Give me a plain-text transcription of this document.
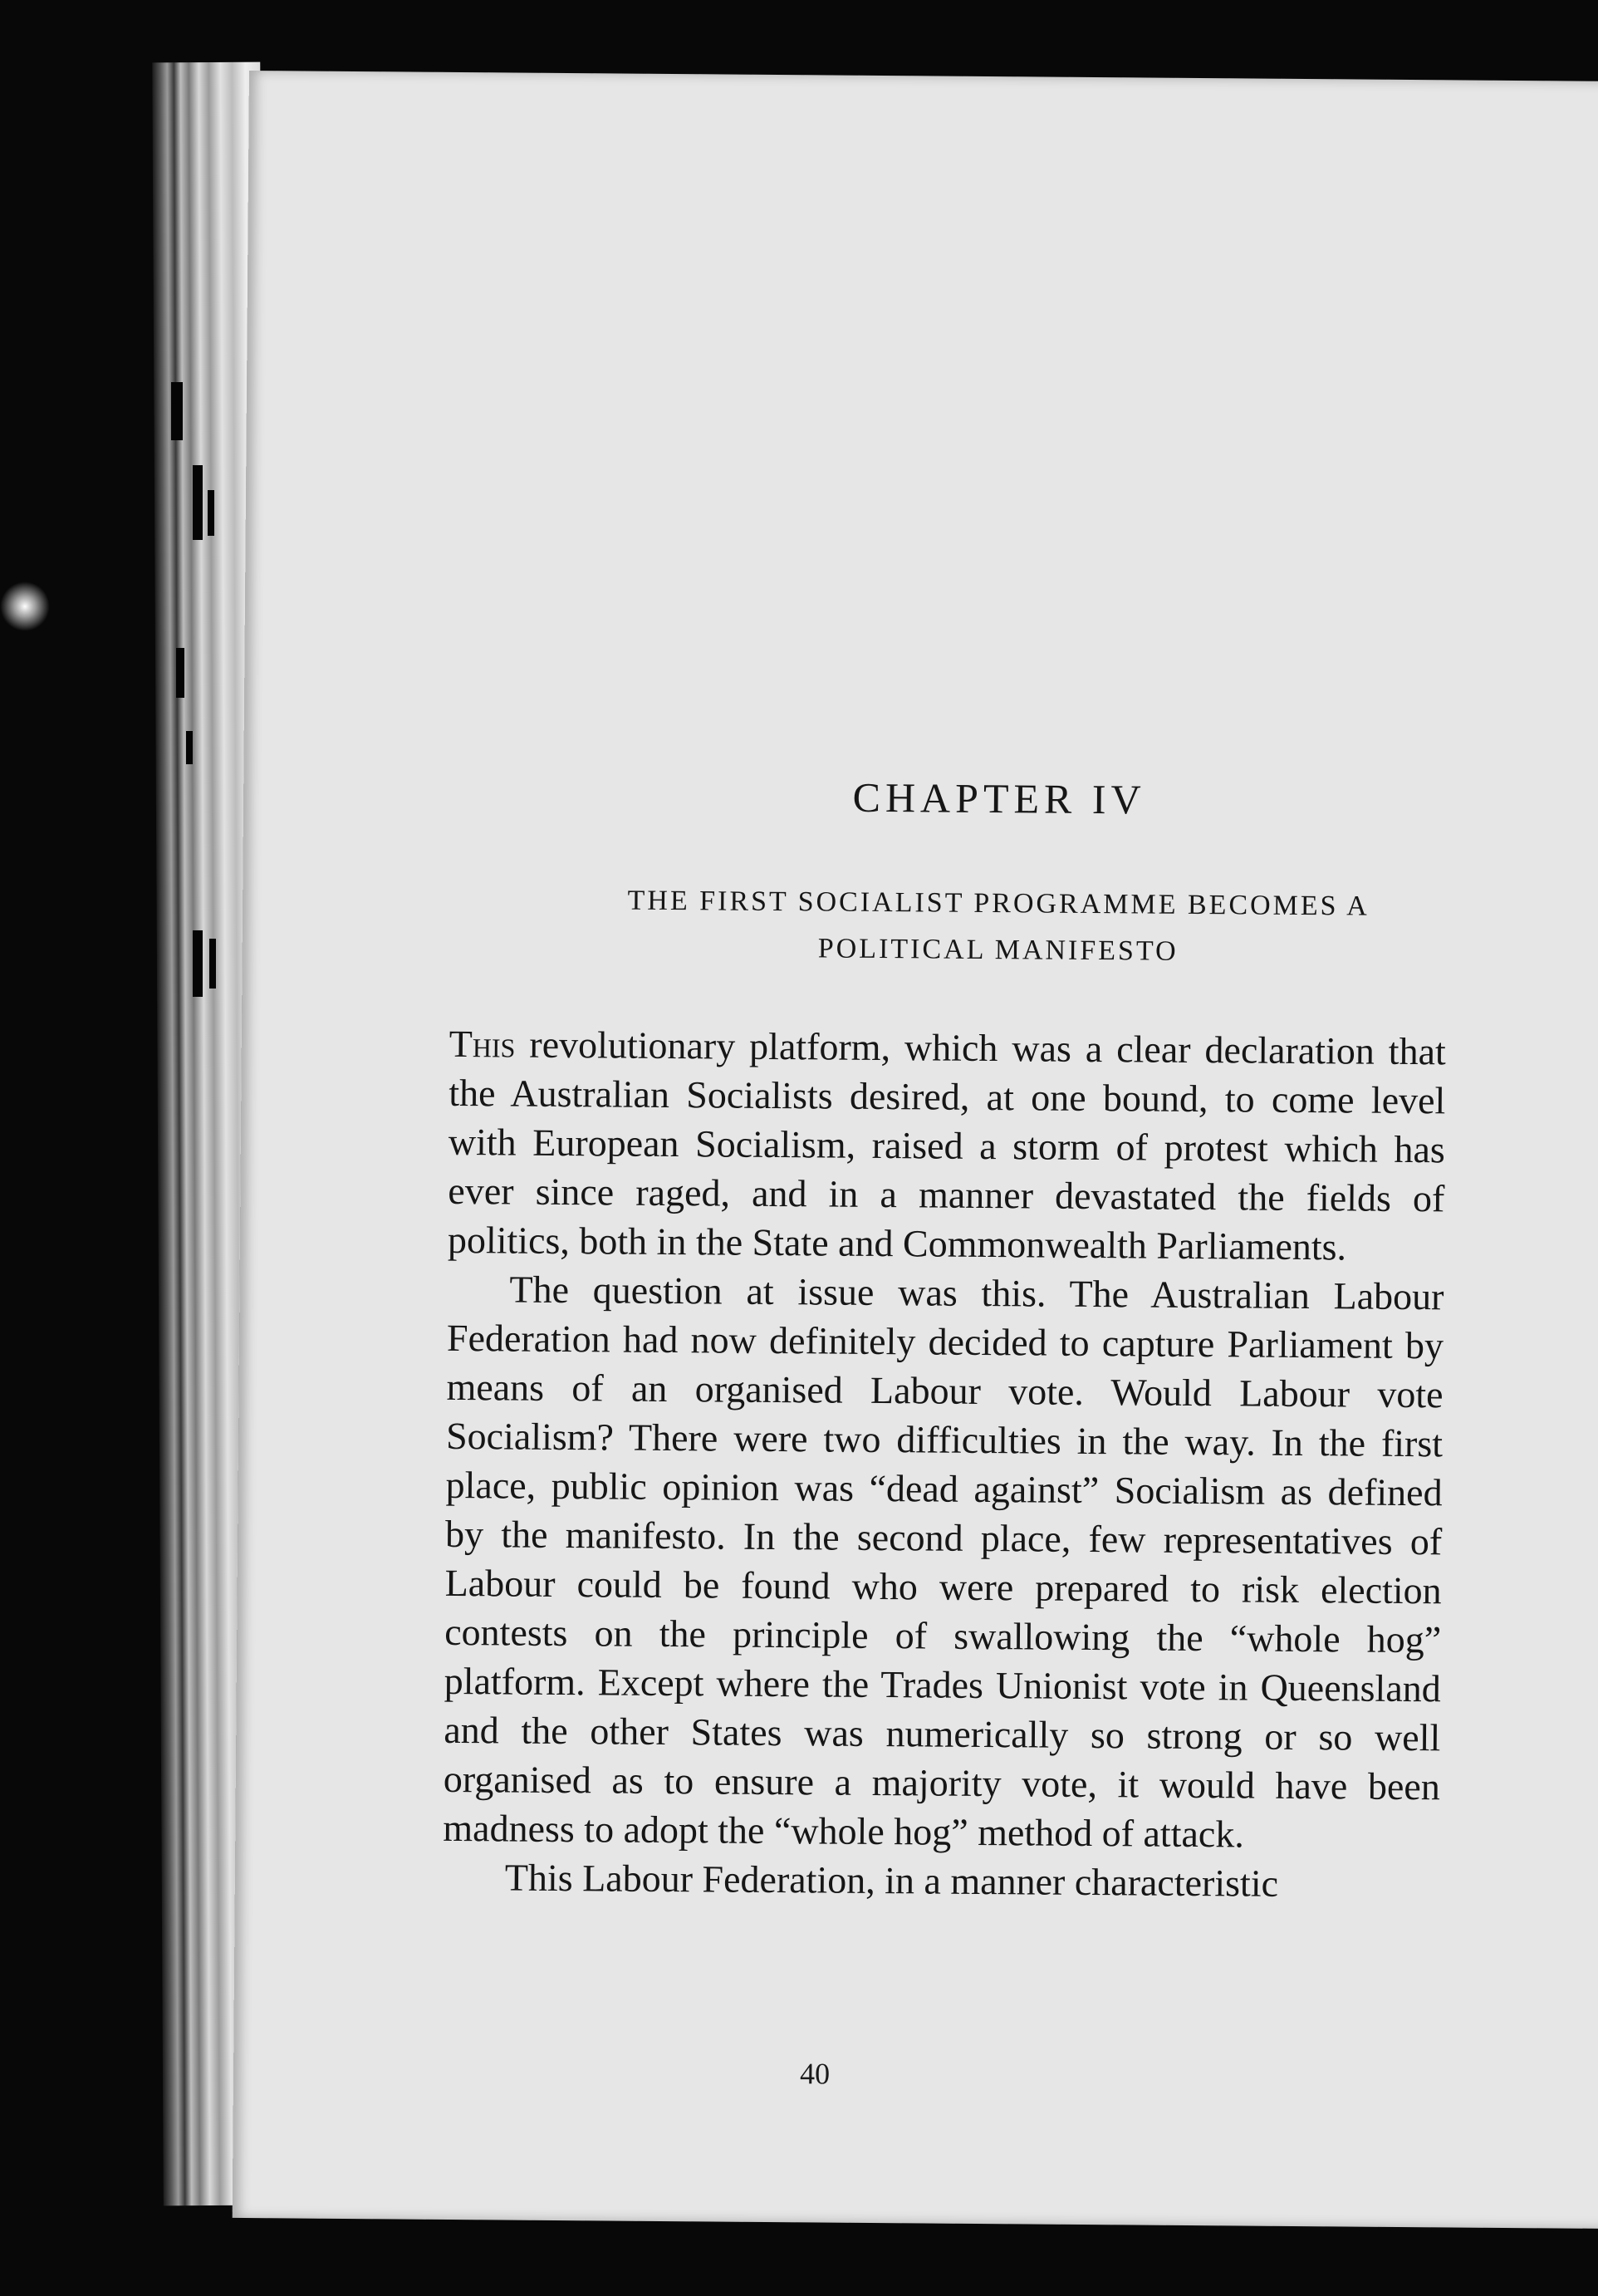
CHAPTER IV
THE FIRST SOCIALIST PROGRAMME BECOMES A
POLITICAL MANIFESTO

This revolutionary platform, which was a clear declaration that the Australian Socialists desired, at one bound, to come level with European Socialism, raised a storm of protest which has ever since raged, and in a manner devastated the fields of politics, both in the State and Commonwealth Parliaments.

The question at issue was this. The Australian Labour Federation had now definitely decided to capture Parliament by means of an organised Labour vote. Would Labour vote Socialism? There were two difficulties in the way. In the first place, public opinion was “dead against” Socialism as defined by the manifesto. In the second place, few representatives of Labour could be found who were prepared to risk election contests on the principle of swallowing the “whole hog” platform. Except where the Trades Unionist vote in Queensland and the other States was numerically so strong or so well organised as to ensure a majority vote, it would have been madness to adopt the “whole hog” method of attack.

This Labour Federation, in a manner characteristic

40
